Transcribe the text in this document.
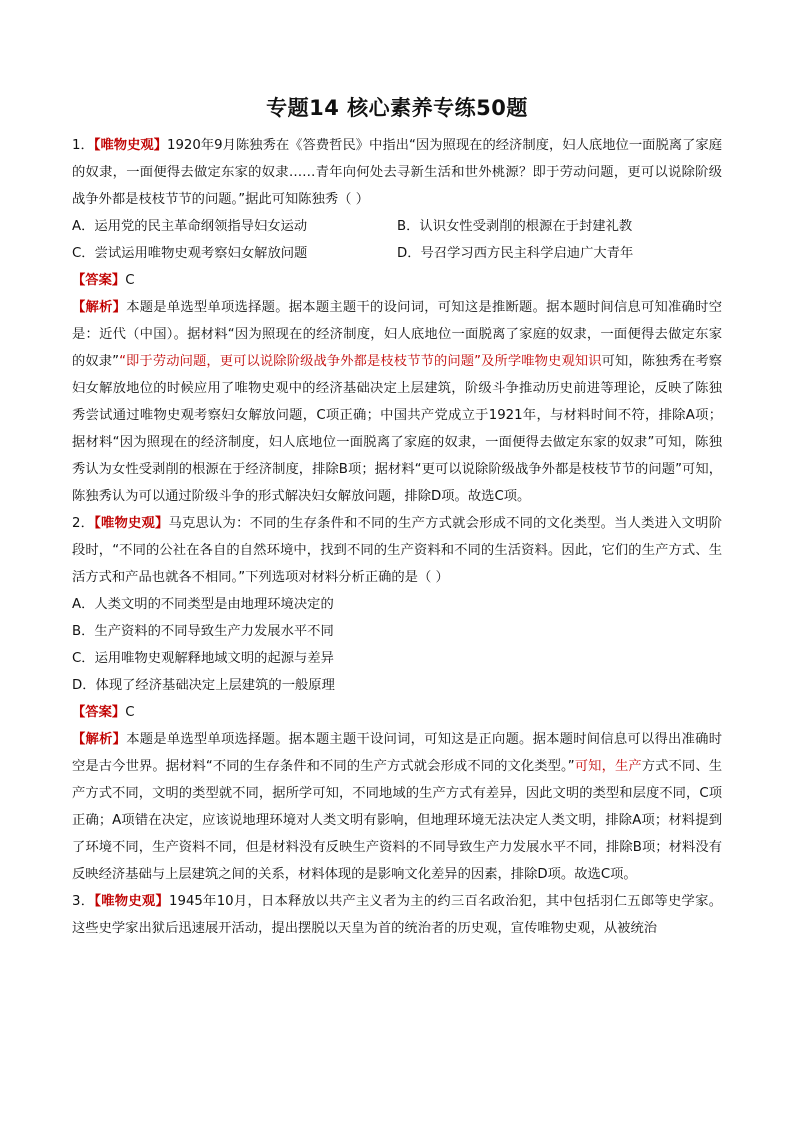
专题14 核心素养专练50题

1．【唯物史观】1920年9月陈独秀在《答费哲民》中指出“因为照现在的经济制度，妇人底地位一面脱离了家庭的奴隶，一面便得去做定东家的奴隶……青年向何处去寻新生活和世外桃源？即于劳动问题，更可以说除阶级战争外都是枝枝节节的问题。”据此可知陈独秀（ ）

A．运用党的民主革命纲领指导妇女运动	B．认识女性受剥削的根源在于封建礼教

C．尝试运用唯物史观考察妇女解放问题	D．号召学习西方民主科学启迪广大青年

【答案】C

【解析】本题是单选型单项选择题。据本题主题干的设问词，可知这是推断题。据本题时间信息可知准确时空是：近代（中国）。据材料“因为照现在的经济制度，妇人底地位一面脱离了家庭的奴隶，一面便得去做定东家的奴隶”“即于劳动问题，更可以说除阶级战争外都是枝枝节节的问题”及所学唯物史观知识可知，陈独秀在考察妇女解放地位的时候应用了唯物史观中的经济基础决定上层建筑，阶级斗争推动历史前进等理论，反映了陈独秀尝试通过唯物史观考察妇女解放问题，C项正确；中国共产党成立于1921年，与材料时间不符，排除A项；据材料“因为照现在的经济制度，妇人底地位一面脱离了家庭的奴隶，一面便得去做定东家的奴隶”可知，陈独秀认为女性受剥削的根源在于经济制度，排除B项；据材料“更可以说除阶级战争外都是枝枝节节的问题”可知，陈独秀认为可以通过阶级斗争的形式解决妇女解放问题，排除D项。故选C项。

2．【唯物史观】马克思认为：不同的生存条件和不同的生产方式就会形成不同的文化类型。当人类进入文明阶段时，“不同的公社在各自的自然环境中，找到不同的生产资料和不同的生活资料。因此，它们的生产方式、生活方式和产品也就各不相同。”下列选项对材料分析正确的是（ ）

A．人类文明的不同类型是由地理环境决定的

B．生产资料的不同导致生产力发展水平不同

C．运用唯物史观解释地域文明的起源与差异

D．体现了经济基础决定上层建筑的一般原理

【答案】C

【解析】本题是单选型单项选择题。据本题主题干设问词，可知这是正向题。据本题时间信息可以得出准确时空是古今世界。据材料“不同的生存条件和不同的生产方式就会形成不同的文化类型。”可知，生产方式不同、生产方式不同，文明的类型就不同，据所学可知，不同地域的生产方式有差异，因此文明的类型和层度不同，C项正确；A项错在决定，应该说地理环境对人类文明有影响，但地理环境无法决定人类文明，排除A项；材料提到了环境不同，生产资料不同，但是材料没有反映生产资料的不同导致生产力发展水平不同，排除B项；材料没有反映经济基础与上层建筑之间的关系，材料体现的是影响文化差异的因素，排除D项。故选C项。

3．【唯物史观】1945年10月，日本释放以共产主义者为主的约三百名政治犯，其中包括羽仁五郎等史学家。这些史学家出狱后迅速展开活动，提出摆脱以天皇为首的统治者的历史观，宣传唯物史观，从被统治
